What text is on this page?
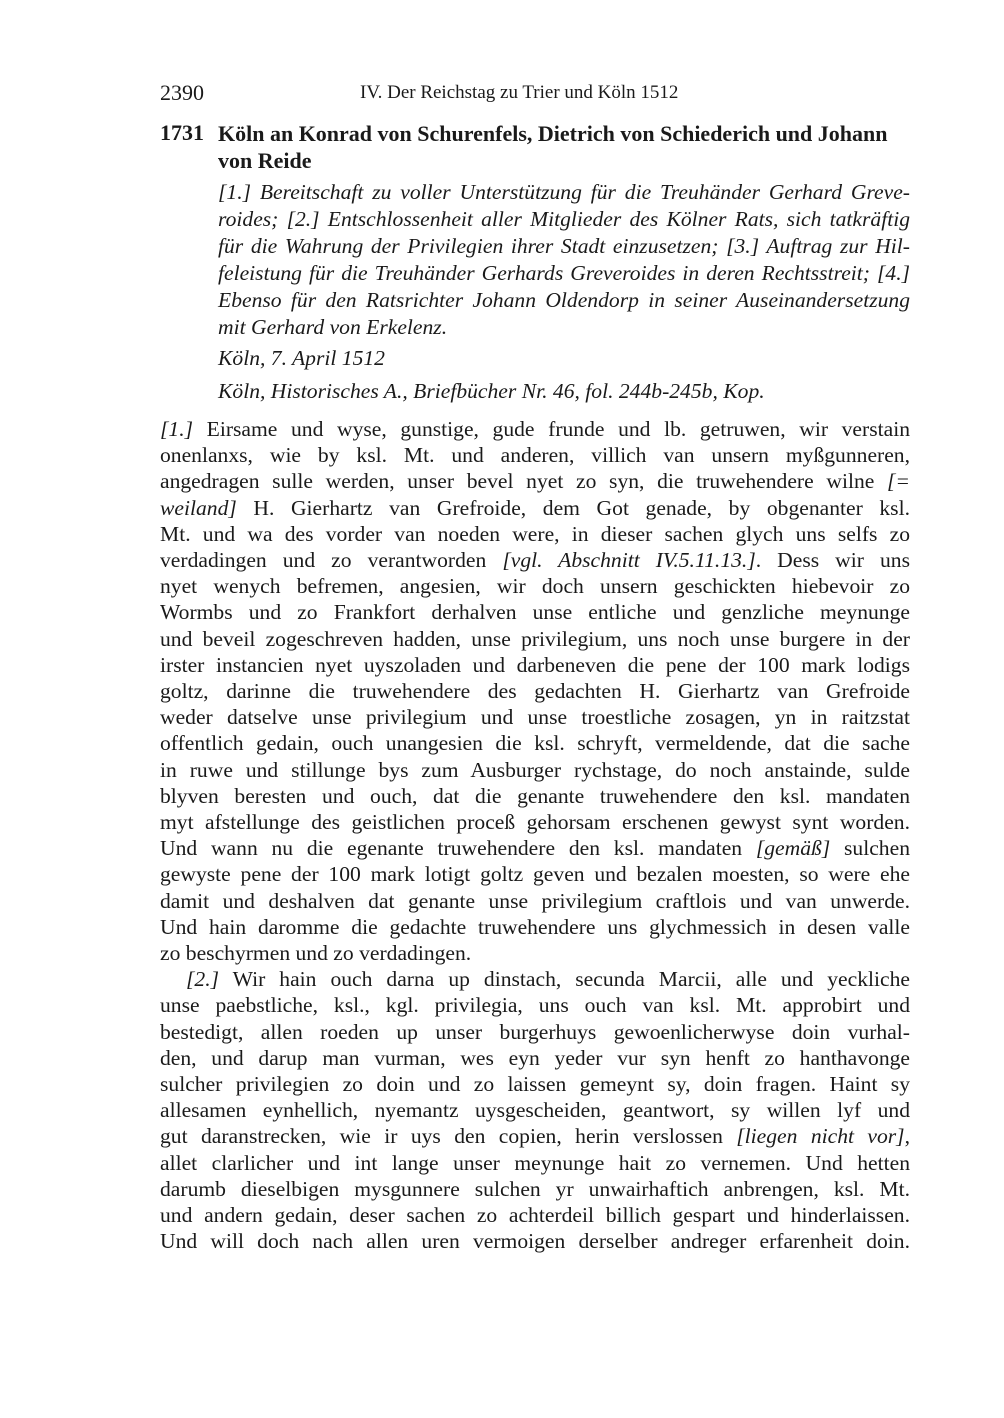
2390	IV. Der Reichstag zu Trier und Köln 1512
1731 Köln an Konrad von Schurenfels, Dietrich von Schiederich und Johann
von Reide
[1.] Bereitschaft zu voller Unterstützung für die Treuhänder Gerhard Greve-
roides; [2.] Entschlossenheit aller Mitglieder des Kölner Rats, sich tatkräftig
für die Wahrung der Privilegien ihrer Stadt einzusetzen; [3.] Auftrag zur Hil-
feleistung für die Treuhänder Gerhards Greveroides in deren Rechtsstreit; [4.]
Ebenso für den Ratsrichter Johann Oldendorp in seiner Auseinandersetzung
mit Gerhard von Erkelenz.
Köln, 7. April 1512
Köln, Historisches A., Briefbücher Nr. 46, fol. 244b-245b, Kop.
[1.] Eirsame und wyse, gunstige, gude frunde und lb. getruwen, wir verstain
onenlanxs, wie by ksl. Mt. und anderen, villich van unsern myßgunneren,
angedragen sulle werden, unser bevel nyet zo syn, die truwehendere wilne [=
weiland] H. Gierhartz van Grefroide, dem Got genade, by obgenanter ksl.
Mt. und wa des vorder van noeden were, in dieser sachen glych uns selfs zo
verdadingen und zo verantworden [vgl. Abschnitt IV.5.11.13.]. Dess wir uns
nyet wenych befremen, angesien, wir doch unsern geschickten hiebevoir zo
Wormbs und zo Frankfort derhalven unse entliche und genzliche meynunge
und beveil zogeschreven hadden, unse privilegium, uns noch unse burgere in der
irster instancien nyet uyszoladen und darbeneven die pene der 100 mark lodigs
goltz, darinne die truwehendere des gedachten H. Gierhartz van Grefroide
weder datselve unse privilegium und unse troestliche zosagen, yn in raitzstat
offentlich gedain, ouch unangesien die ksl. schryft, vermeldende, dat die sache
in ruwe und stillunge bys zum Ausburger rychstage, do noch anstainde, sulde
blyven beresten und ouch, dat die genante truwehendere den ksl. mandaten
myt afstellunge des geistlichen proceß gehorsam erschenen gewyst synt worden.
Und wann nu die egenante truwehendere den ksl. mandaten [gemäß] sulchen
gewyste pene der 100 mark lotigt goltz geven und bezalen moesten, so were ehe
damit und deshalven dat genante unse privilegium craftlois und van unwerde.
Und hain daromme die gedachte truwehendere uns glychmessich in desen valle
zo beschyrmen und zo verdadingen.
[2.] Wir hain ouch darna up dinstach, secunda Marcii, alle und yeckliche
unse paebstliche, ksl., kgl. privilegia, uns ouch van ksl. Mt. approbirt und
bestedigt, allen roeden up unser burgerhuys gewoenlicherwyse doin vurhal-
den, und darup man vurman, wes eyn yeder vur syn henft zo hanthavonge
sulcher privilegien zo doin und zo laissen gemeynt sy, doin fragen. Haint sy
allesamen eynhellich, nyemantz uysgescheiden, geantwort, sy willen lyf und
gut daranstrecken, wie ir uys den copien, herin verslossen [liegen nicht vor],
allet clarlicher und int lange unser meynunge hait zo vernemen. Und hetten
darumb dieselbigen mysgunnere sulchen yr unwairhaftich anbrengen, ksl. Mt.
und andern gedain, deser sachen zo achterdeil billich gespart und hinderlaissen.
Und will doch nach allen uren vermoigen derselber andreger erfarenheit doin.
